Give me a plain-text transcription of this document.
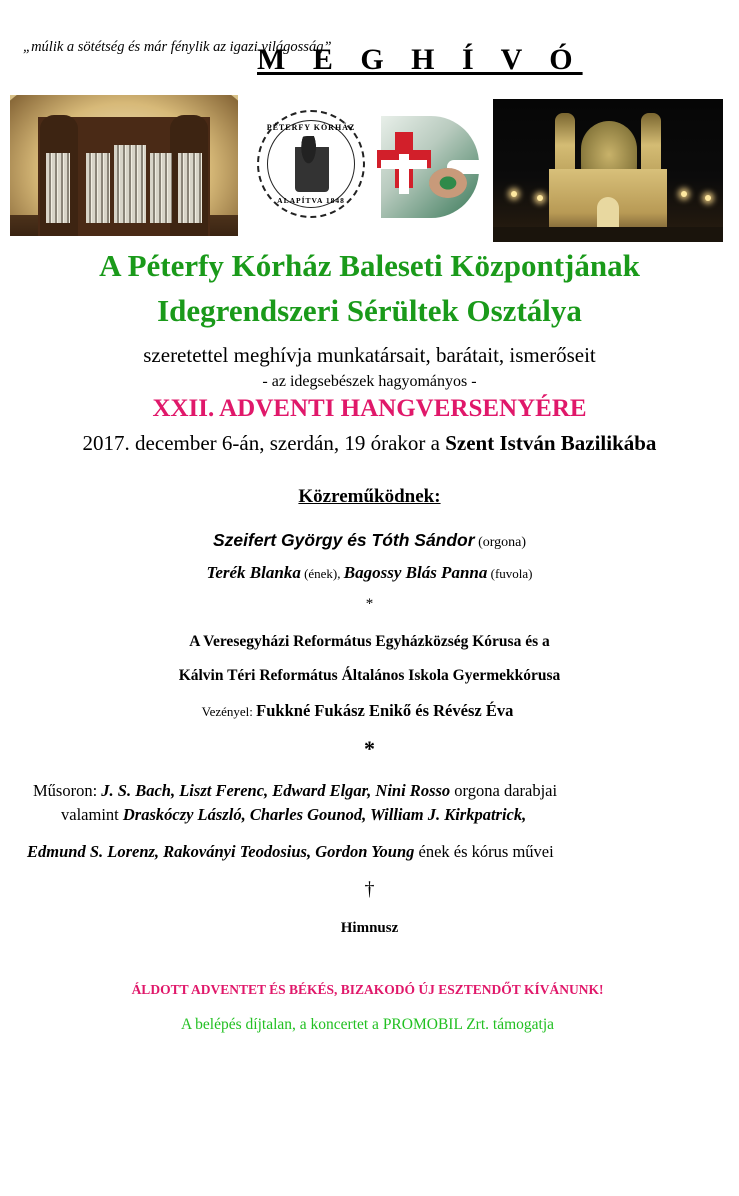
„múlik a sötétség és már fénylik az igazi világosság”
M E G H Í V Ó
PÉTERFY KÓRHÁZ
ALAPÍTVA 1848
A Péterfy Kórház Baleseti Központjának
Idegrendszeri Sérültek Osztálya
szeretettel meghívja munkatársait, barátait, ismerőseit
- az idegsebészek hagyományos -
XXII. ADVENTI HANGVERSENYÉRE
2017. december 6-án, szerdán, 19 órakor a Szent István Bazilikába
Közreműködnek:
Szeifert György és Tóth Sándor (orgona)
Terék Blanka (ének), Bagossy Blás Panna (fuvola)
*
A Veresegyházi Református Egyházközség Kórusa és a
Kálvin Téri Református Általános Iskola Gyermekkórusa
Vezényel: Fukkné Fukász Enikő és Révész Éva
*
Műsoron: J. S. Bach, Liszt Ferenc, Edward Elgar, Nini Rosso orgona darabjai
valamint Draskóczy László, Charles Gounod, William J. Kirkpatrick,
Edmund S. Lorenz, Rakoványi Teodosius, Gordon Young ének és kórus művei
†
Himnusz
ÁLDOTT ADVENTET ÉS BÉKÉS, BIZAKODÓ ÚJ ESZTENDŐT KÍVÁNUNK!
A belépés díjtalan, a koncertet a PROMOBIL Zrt. támogatja
